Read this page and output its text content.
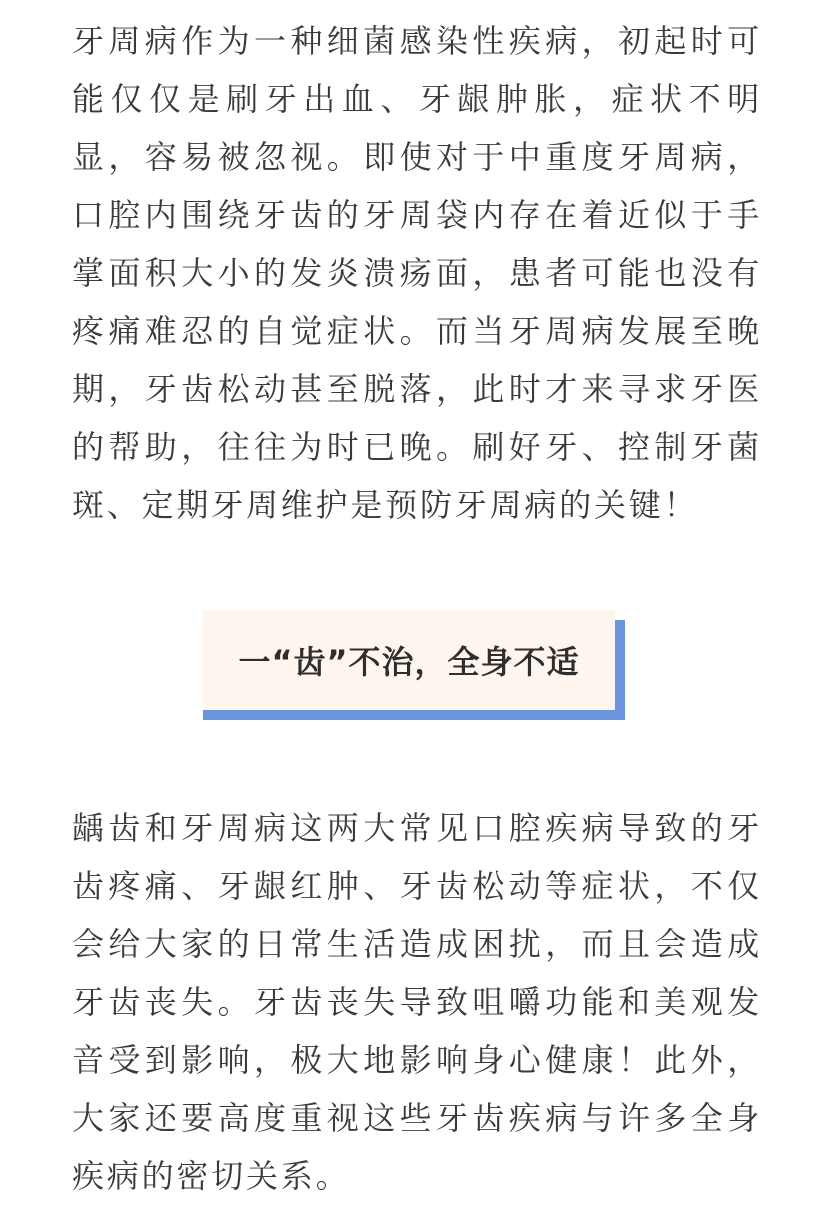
牙周病作为一种细菌感染性疾病，初起时可能仅仅是刷牙出血、牙龈肿胀，症状不明显，容易被忽视。即使对于中重度牙周病，口腔内围绕牙齿的牙周袋内存在着近似于手掌面积大小的发炎溃疡面，患者可能也没有疼痛难忍的自觉症状。而当牙周病发展至晚期，牙齿松动甚至脱落，此时才来寻求牙医的帮助，往往为时已晚。刷好牙、控制牙菌斑、定期牙周维护是预防牙周病的关键！

一“齿”不治，全身不适

龋齿和牙周病这两大常见口腔疾病导致的牙齿疼痛、牙龈红肿、牙齿松动等症状，不仅会给大家的日常生活造成困扰，而且会造成牙齿丧失。牙齿丧失导致咀嚼功能和美观发音受到影响，极大地影响身心健康！此外，大家还要高度重视这些牙齿疾病与许多全身疾病的密切关系。
